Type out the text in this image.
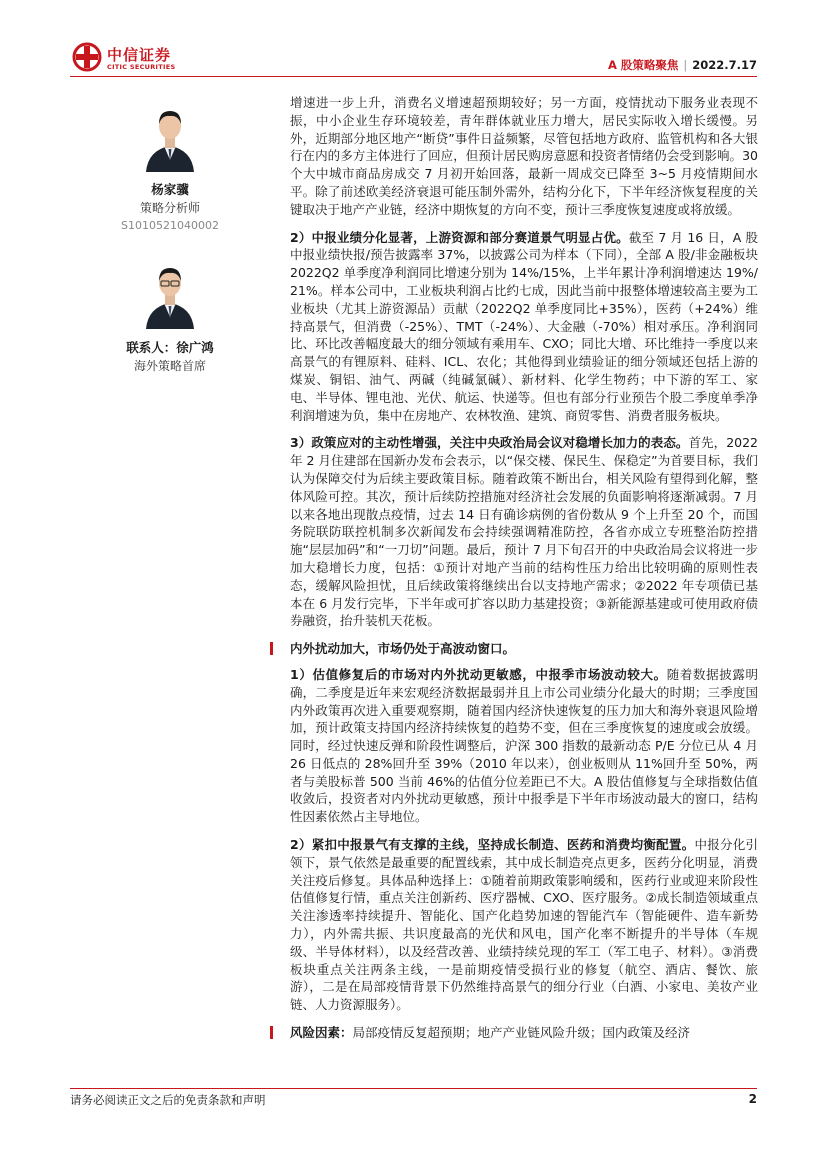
中信证券
CITIC SECURITIES	A 股策略聚焦 | 2022.7.17
杨家骥
策略分析师
S1010521040002
联系人：徐广鸿
海外策略首席

增速进一步上升，消费名义增速超预期较好；另一方面，疫情扰动下服务业表现不振，中小企业生存环境较差，青年群体就业压力增大，居民实际收入增长缓慢。另外，近期部分地区地产“断贷”事件日益频繁，尽管包括地方政府、监管机构和各大银行在内的多方主体进行了回应，但预计居民购房意愿和投资者情绪仍会受到影响。30 个大中城市商品房成交 7 月初开始回落，最新一周成交已降至 3~5 月疫情期间水平。除了前述欧美经济衰退可能压制外需外，结构分化下，下半年经济恢复程度的关键取决于地产产业链，经济中期恢复的方向不变，预计三季度恢复速度或将放缓。

2）中报业绩分化显著，上游资源和部分赛道景气明显占优。截至 7 月 16 日，A 股中报业绩快报/预告披露率 37%，以披露公司为样本（下同），全部 A 股/非金融板块 2022Q2 单季度净利润同比增速分别为 14%/15%，上半年累计净利润增速达 19%/21%。样本公司中，工业板块利润占比约七成，因此当前中报整体增速较高主要为工业板块（尤其上游资源品）贡献（2022Q2 单季度同比+35%），医药（+24%）维持高景气，但消费（-25%）、TMT（-24%）、大金融（-70%）相对承压。净利润同比、环比改善幅度最大的细分领域有乘用车、CXO；同比大增、环比维持一季度以来高景气的有锂原料、硅料、ICL、农化；其他得到业绩验证的细分领域还包括上游的煤炭、铜铝、油气、两碱（纯碱氯碱）、新材料、化学生物药；中下游的军工、家电、半导体、锂电池、光伏、航运、快递等。但也有部分行业预告个股二季度单季净利润增速为负，集中在房地产、农林牧渔、建筑、商贸零售、消费者服务板块。

3）政策应对的主动性增强，关注中央政治局会议对稳增长加力的表态。首先，2022 年 2 月住建部在国新办发布会表示，以“保交楼、保民生、保稳定”为首要目标，我们认为保障交付为后续主要政策目标。随着政策不断出台，相关风险有望得到化解，整体风险可控。其次，预计后续防控措施对经济社会发展的负面影响将逐渐减弱。7 月以来各地出现散点疫情，过去 14 日有确诊病例的省份数从 9 个上升至 20 个，而国务院联防联控机制多次新闻发布会持续强调精准防控，各省亦成立专班整治防控措施“层层加码”和“一刀切”问题。最后，预计 7 月下旬召开的中央政治局会议将进一步加大稳增长力度，包括：①预计对地产当前的结构性压力给出比较明确的原则性表态，缓解风险担忧，且后续政策将继续出台以支持地产需求；②2022 年专项债已基本在 6 月发行完毕，下半年或可扩容以助力基建投资；③新能源基建或可使用政府债券融资，抬升装机天花板。

内外扰动加大，市场仍处于高波动窗口。

1）估值修复后的市场对内外扰动更敏感，中报季市场波动较大。随着数据披露明确，二季度是近年来宏观经济数据最弱并且上市公司业绩分化最大的时期；三季度国内外政策再次进入重要观察期，随着国内经济快速恢复的压力加大和海外衰退风险增加，预计政策支持国内经济持续恢复的趋势不变，但在三季度恢复的速度或会放缓。同时，经过快速反弹和阶段性调整后，沪深 300 指数的最新动态 P/E 分位已从 4 月 26 日低点的 28%回升至 39%（2010 年以来），创业板则从 11%回升至 50%，两者与美股标普 500 当前 46%的估值分位差距已不大。A 股估值修复与全球指数估值收敛后，投资者对内外扰动更敏感，预计中报季是下半年市场波动最大的窗口，结构性因素依然占主导地位。

2）紧扣中报景气有支撑的主线，坚持成长制造、医药和消费均衡配置。中报分化引领下，景气依然是最重要的配置线索，其中成长制造亮点更多，医药分化明显，消费关注疫后修复。具体品种选择上：①随着前期政策影响缓和，医药行业或迎来阶段性估值修复行情，重点关注创新药、医疗器械、CXO、医疗服务。②成长制造领域重点关注渗透率持续提升、智能化、国产化趋势加速的智能汽车（智能硬件、造车新势力），内外需共振、共识度最高的光伏和风电，国产化率不断提升的半导体（车规级、半导体材料），以及经营改善、业绩持续兑现的军工（军工电子、材料）。③消费板块重点关注两条主线，一是前期疫情受损行业的修复（航空、酒店、餐饮、旅游），二是在局部疫情背景下仍然维持高景气的细分行业（白酒、小家电、美妆产业链、人力资源服务）。

风险因素：局部疫情反复超预期；地产产业链风险升级；国内政策及经济
请务必阅读正文之后的免责条款和声明	2
